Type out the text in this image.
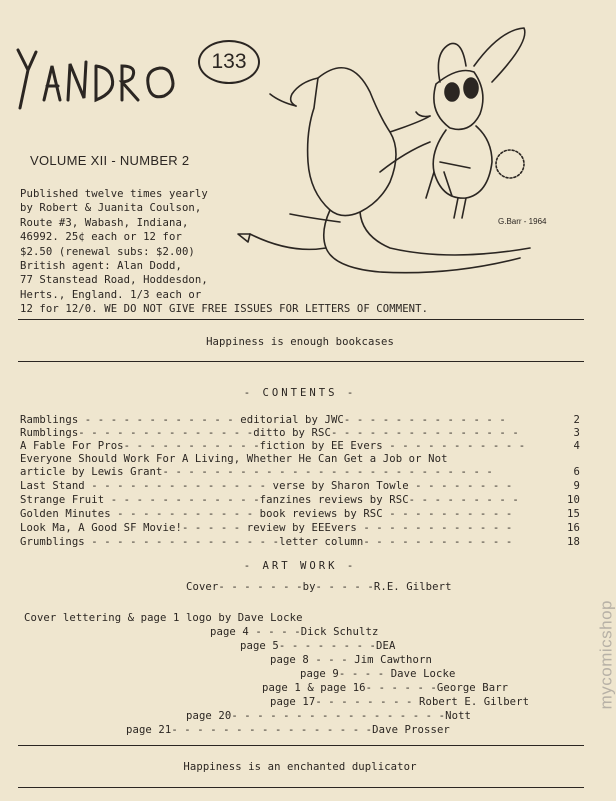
133
G.Barr - 1964
VOLUME XII - NUMBER 2
Published twelve times yearly
by Robert & Juanita Coulson,
Route #3, Wabash, Indiana,
46992. 25¢ each or 12 for
$2.50 (renewal subs: $2.00)
British agent: Alan Dodd,
77 Stanstead Road, Hoddesdon,
Herts., England. 1/3 each or
12 for 12/0. WE DO NOT GIVE FREE ISSUES FOR LETTERS OF COMMENT.
Happiness is enough bookcases
- CONTENTS -
Ramblings - - - - - - - - - - - - editorial by JWC- - - - - - - - - - - - -	2
Rumblings- - - - - - - - - - - - - -ditto by RSC- - - - - - - - - - - - - - -	3
A Fable For Pros- - - - - - - - - - -fiction by EE Evers - - - - - - - - - - -	4
Everyone Should Work For A Living, Whether He Can Get a Job or Not
article by Lewis Grant- - - - - - - - - - - - - - - - - - - - - - - - - -	6
Last Stand - - - - - - - - - - - - - - verse by Sharon Towle - - - - - - - -	9
Strange Fruit - - - - - - - - - - - -fanzines reviews by RSC- - - - - - - - -	10
Golden Minutes - - - - - - - - - - - book reviews by RSC - - - - - - - - - -	15
Look Ma, A Good SF Movie!- - - - - review by EEEvers - - - - - - - - - - - -	16
Grumblings - - - - - - - - - - - - - - -letter column- - - - - - - - - - - -	18
- ART WORK -
Cover- - - - - - -by- - - - -R.E. Gilbert
Cover lettering & page 1 logo by Dave Locke
page 4 - - - -Dick Schultz
page 5- - - - - - - -DEA
page 8 - - - Jim Cawthorn
page 9- - - - Dave Locke
page 1 & page 16- - - - - -George Barr
page 17- - - - - - - - Robert E. Gilbert
page 20- - - - - - - - - - - - - - - - -Nott
page 21- - - - - - - - - - - - - - - -Dave Prosser
Happiness is an enchanted duplicator
mycomicshop
